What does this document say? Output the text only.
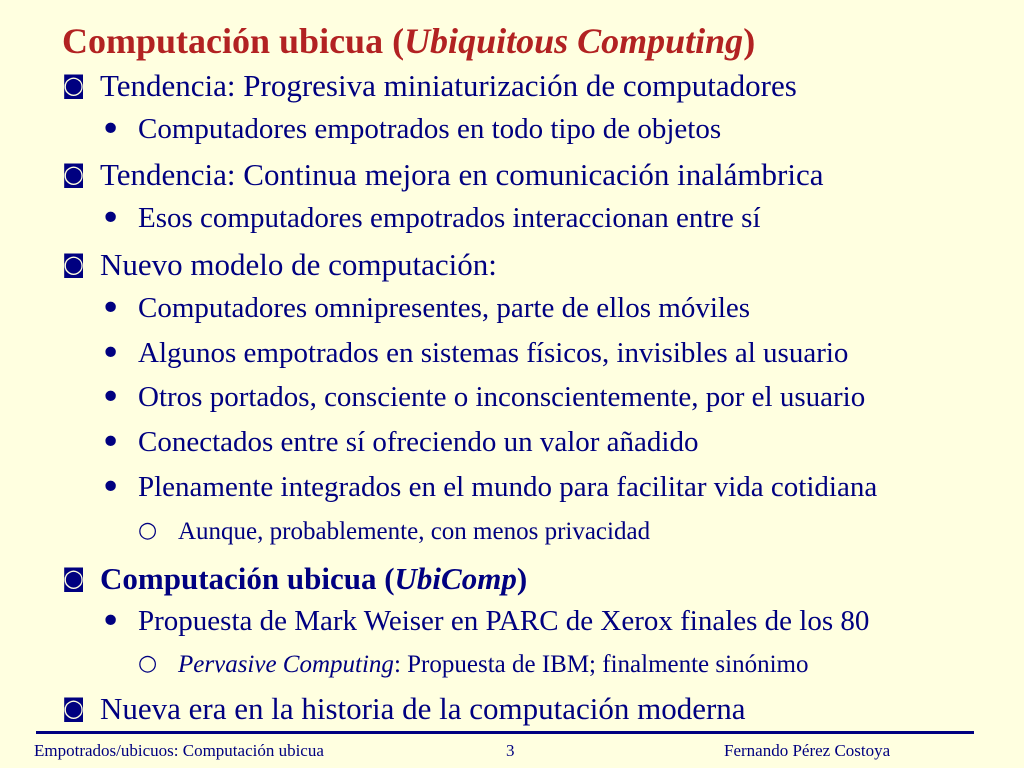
Computación ubicua (Ubiquitous Computing)
◙ Tendencia: Progresiva miniaturización de computadores
• Computadores empotrados en todo tipo de objetos
◙ Tendencia: Continua mejora en comunicación inalámbrica
• Esos computadores empotrados interaccionan entre sí
◙ Nuevo modelo de computación:
• Computadores omnipresentes, parte de ellos móviles
• Algunos empotrados en sistemas físicos, invisibles al usuario
• Otros portados, consciente o inconscientemente, por el usuario
• Conectados entre sí ofreciendo un valor añadido
• Plenamente integrados en el mundo para facilitar vida cotidiana
○ Aunque, probablemente, con menos privacidad
◙ Computación ubicua (UbiComp)
• Propuesta de Mark Weiser en PARC de Xerox finales de los 80
○ Pervasive Computing: Propuesta de IBM; finalmente sinónimo
◙ Nueva era en la historia de la computación moderna
Empotrados/ubicuos: Computación ubicua	3	Fernando Pérez Costoya
